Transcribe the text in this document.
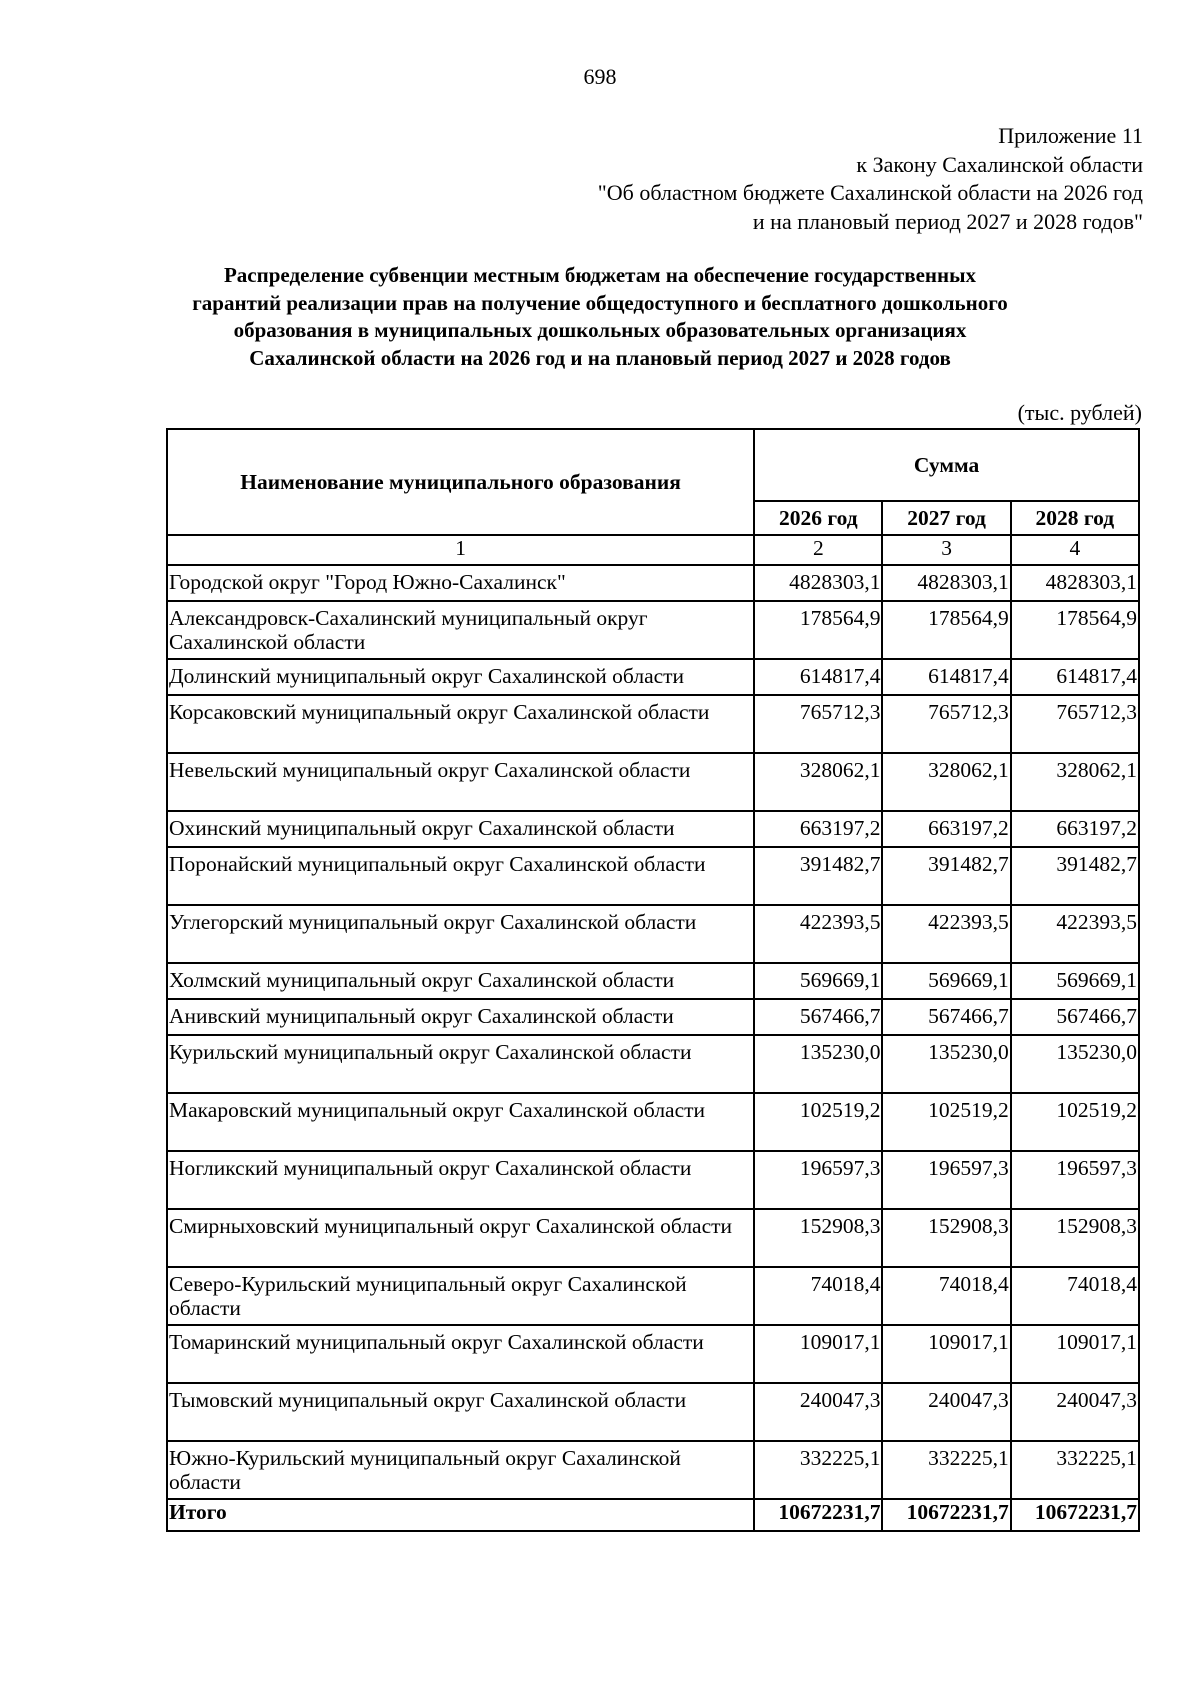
698
Приложение 11
к Закону Сахалинской области
"Об областном бюджете Сахалинской области на 2026 год
и на плановый период 2027 и 2028 годов"
Распределение субвенции местным бюджетам на обеспечение государственных
гарантий реализации прав на получение общедоступного и бесплатного дошкольного
образования в муниципальных дошкольных образовательных организациях
Сахалинской области на 2026 год и на плановый период 2027 и 2028 годов
(тыс. рублей)
Наименование муниципального образования	Сумма		
	2026 год	2027 год	2028 год
1	2	3	4
Городской округ "Город Южно-Сахалинск"	4828303,1	4828303,1	4828303,1
Александровск-Сахалинский муниципальный округ Сахалинской области	178564,9	178564,9	178564,9
Долинский муниципальный округ Сахалинской области	614817,4	614817,4	614817,4
Корсаковский муниципальный округ Сахалинской области	765712,3	765712,3	765712,3
Невельский муниципальный округ Сахалинской области	328062,1	328062,1	328062,1
Охинский муниципальный округ Сахалинской области	663197,2	663197,2	663197,2
Поронайский муниципальный округ Сахалинской области	391482,7	391482,7	391482,7
Углегорский муниципальный округ Сахалинской области	422393,5	422393,5	422393,5
Холмский муниципальный округ Сахалинской области	569669,1	569669,1	569669,1
Анивский муниципальный округ Сахалинской области	567466,7	567466,7	567466,7
Курильский муниципальный округ Сахалинской области	135230,0	135230,0	135230,0
Макаровский муниципальный округ Сахалинской области	102519,2	102519,2	102519,2
Ногликский муниципальный округ Сахалинской области	196597,3	196597,3	196597,3
Смирныховский муниципальный округ Сахалинской области	152908,3	152908,3	152908,3
Северо-Курильский муниципальный округ Сахалинской области	74018,4	74018,4	74018,4
Томаринский муниципальный округ Сахалинской области	109017,1	109017,1	109017,1
Тымовский муниципальный округ Сахалинской области	240047,3	240047,3	240047,3
Южно-Курильский муниципальный округ Сахалинской области	332225,1	332225,1	332225,1
Итого	10672231,7	10672231,7	10672231,7
